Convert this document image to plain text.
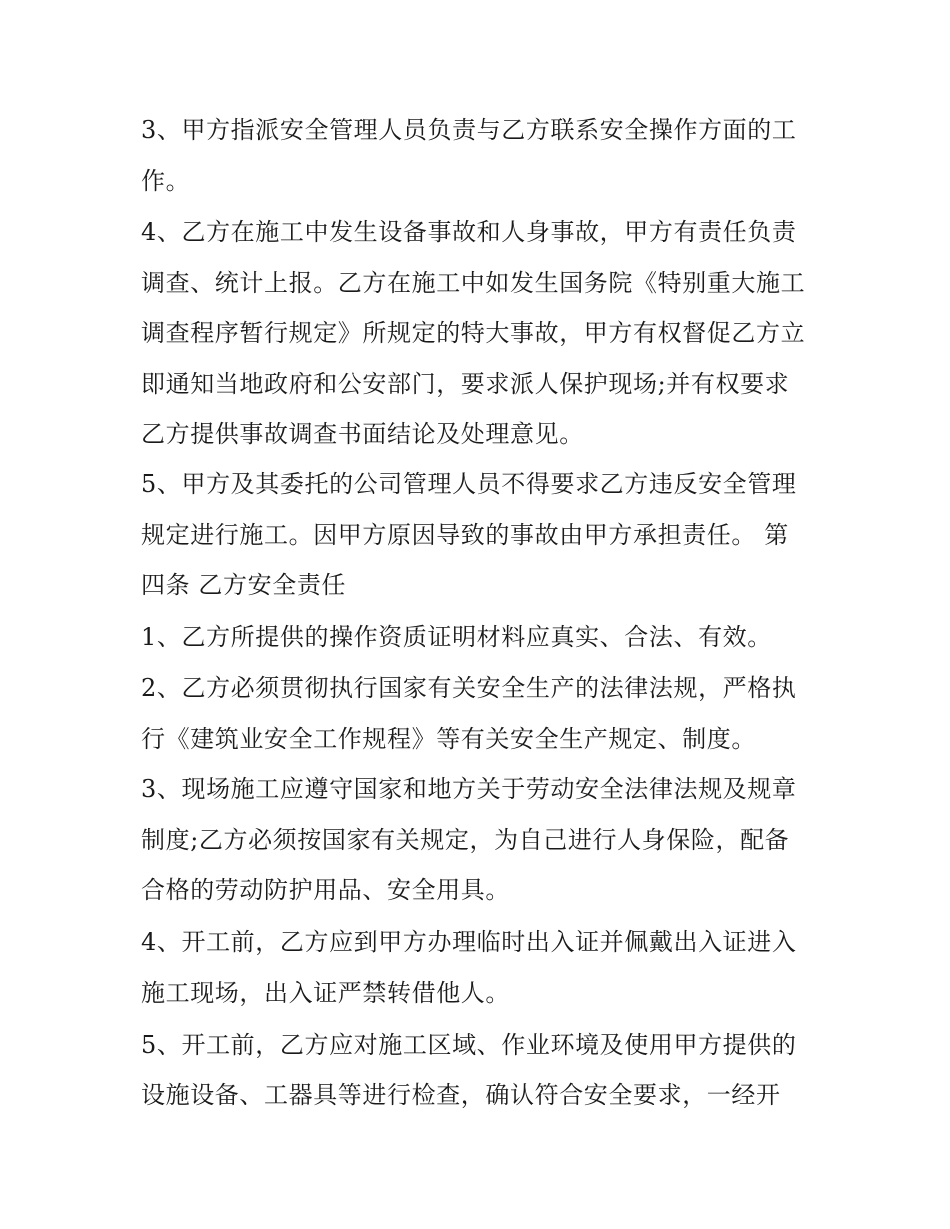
3、甲方指派安全管理人员负责与乙方联系安全操作方面的工
作。
4、乙方在施工中发生设备事故和人身事故，甲方有责任负责
调查、统计上报。乙方在施工中如发生国务院《特别重大施工
调查程序暂行规定》所规定的特大事故，甲方有权督促乙方立
即通知当地政府和公安部门，要求派人保护现场;并有权要求
乙方提供事故调查书面结论及处理意见。
5、甲方及其委托的公司管理人员不得要求乙方违反安全管理
规定进行施工。因甲方原因导致的事故由甲方承担责任。 第
四条 乙方安全责任
1、乙方所提供的操作资质证明材料应真实、合法、有效。
2、乙方必须贯彻执行国家有关安全生产的法律法规，严格执
行《建筑业安全工作规程》等有关安全生产规定、制度。
3、现场施工应遵守国家和地方关于劳动安全法律法规及规章
制度;乙方必须按国家有关规定，为自己进行人身保险，配备
合格的劳动防护用品、安全用具。
4、开工前，乙方应到甲方办理临时出入证并佩戴出入证进入
施工现场，出入证严禁转借他人。
5、开工前，乙方应对施工区域、作业环境及使用甲方提供的
设施设备、工器具等进行检查，确认符合安全要求，一经开
